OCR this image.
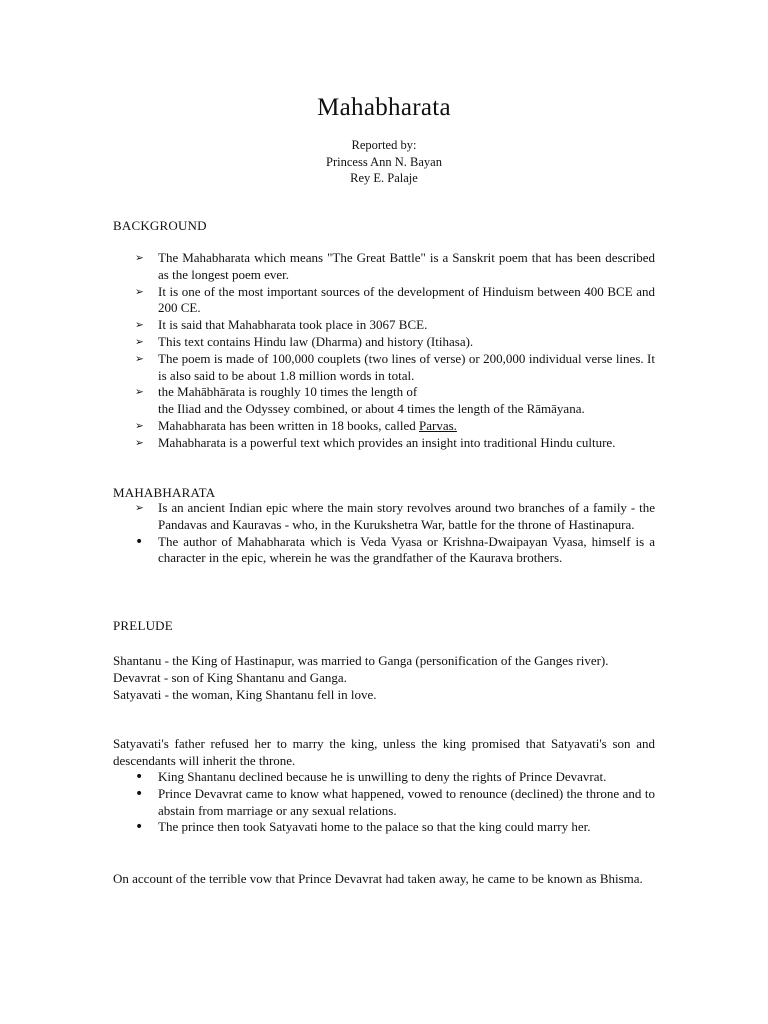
Mahabharata
Reported by:
Princess Ann N. Bayan
Rey E. Palaje
BACKGROUND
➢	The Mahabharata which means "The Great Battle" is a Sanskrit poem that has been described as the longest poem ever.
➢	It is one of the most important sources of the development of Hinduism between 400 BCE and 200 CE.
➢	It is said that Mahabharata took place in 3067 BCE.
➢	This text contains Hindu law (Dharma) and history (Itihasa).
➢	The poem is made of 100,000 couplets (two lines of verse) or 200,000 individual verse lines. It is also said to be about 1.8 million words in total.
➢	the Mahābhārata is roughly 10 times the length of
the Iliad and the Odyssey combined, or about 4 times the length of the Rāmāyana.
➢	Mahabharata has been written in 18 books, called Parvas.
➢	Mahabharata is a powerful text which provides an insight into traditional Hindu culture.
MAHABHARATA
➢	Is an ancient Indian epic where the main story revolves around two branches of a family - the Pandavas and Kauravas - who, in the Kurukshetra War, battle for the throne of Hastinapura.
•	The author of Mahabharata which is Veda Vyasa or Krishna-Dwaipayan Vyasa, himself is a character in the epic, wherein he was the grandfather of the Kaurava brothers.
PRELUDE
Shantanu - the King of Hastinapur, was married to Ganga (personification of the Ganges river).
Devavrat - son of King Shantanu and Ganga.
Satyavati - the woman, King Shantanu fell in love.
Satyavati's father refused her to marry the king, unless the king promised that Satyavati's son and descendants will inherit the throne.
•	King Shantanu declined because he is unwilling to deny the rights of Prince Devavrat.
•	Prince Devavrat came to know what happened, vowed to renounce (declined) the throne and to abstain from marriage or any sexual relations.
•	The prince then took Satyavati home to the palace so that the king could marry her.
On account of the terrible vow that Prince Devavrat had taken away, he came to be known as Bhisma.
